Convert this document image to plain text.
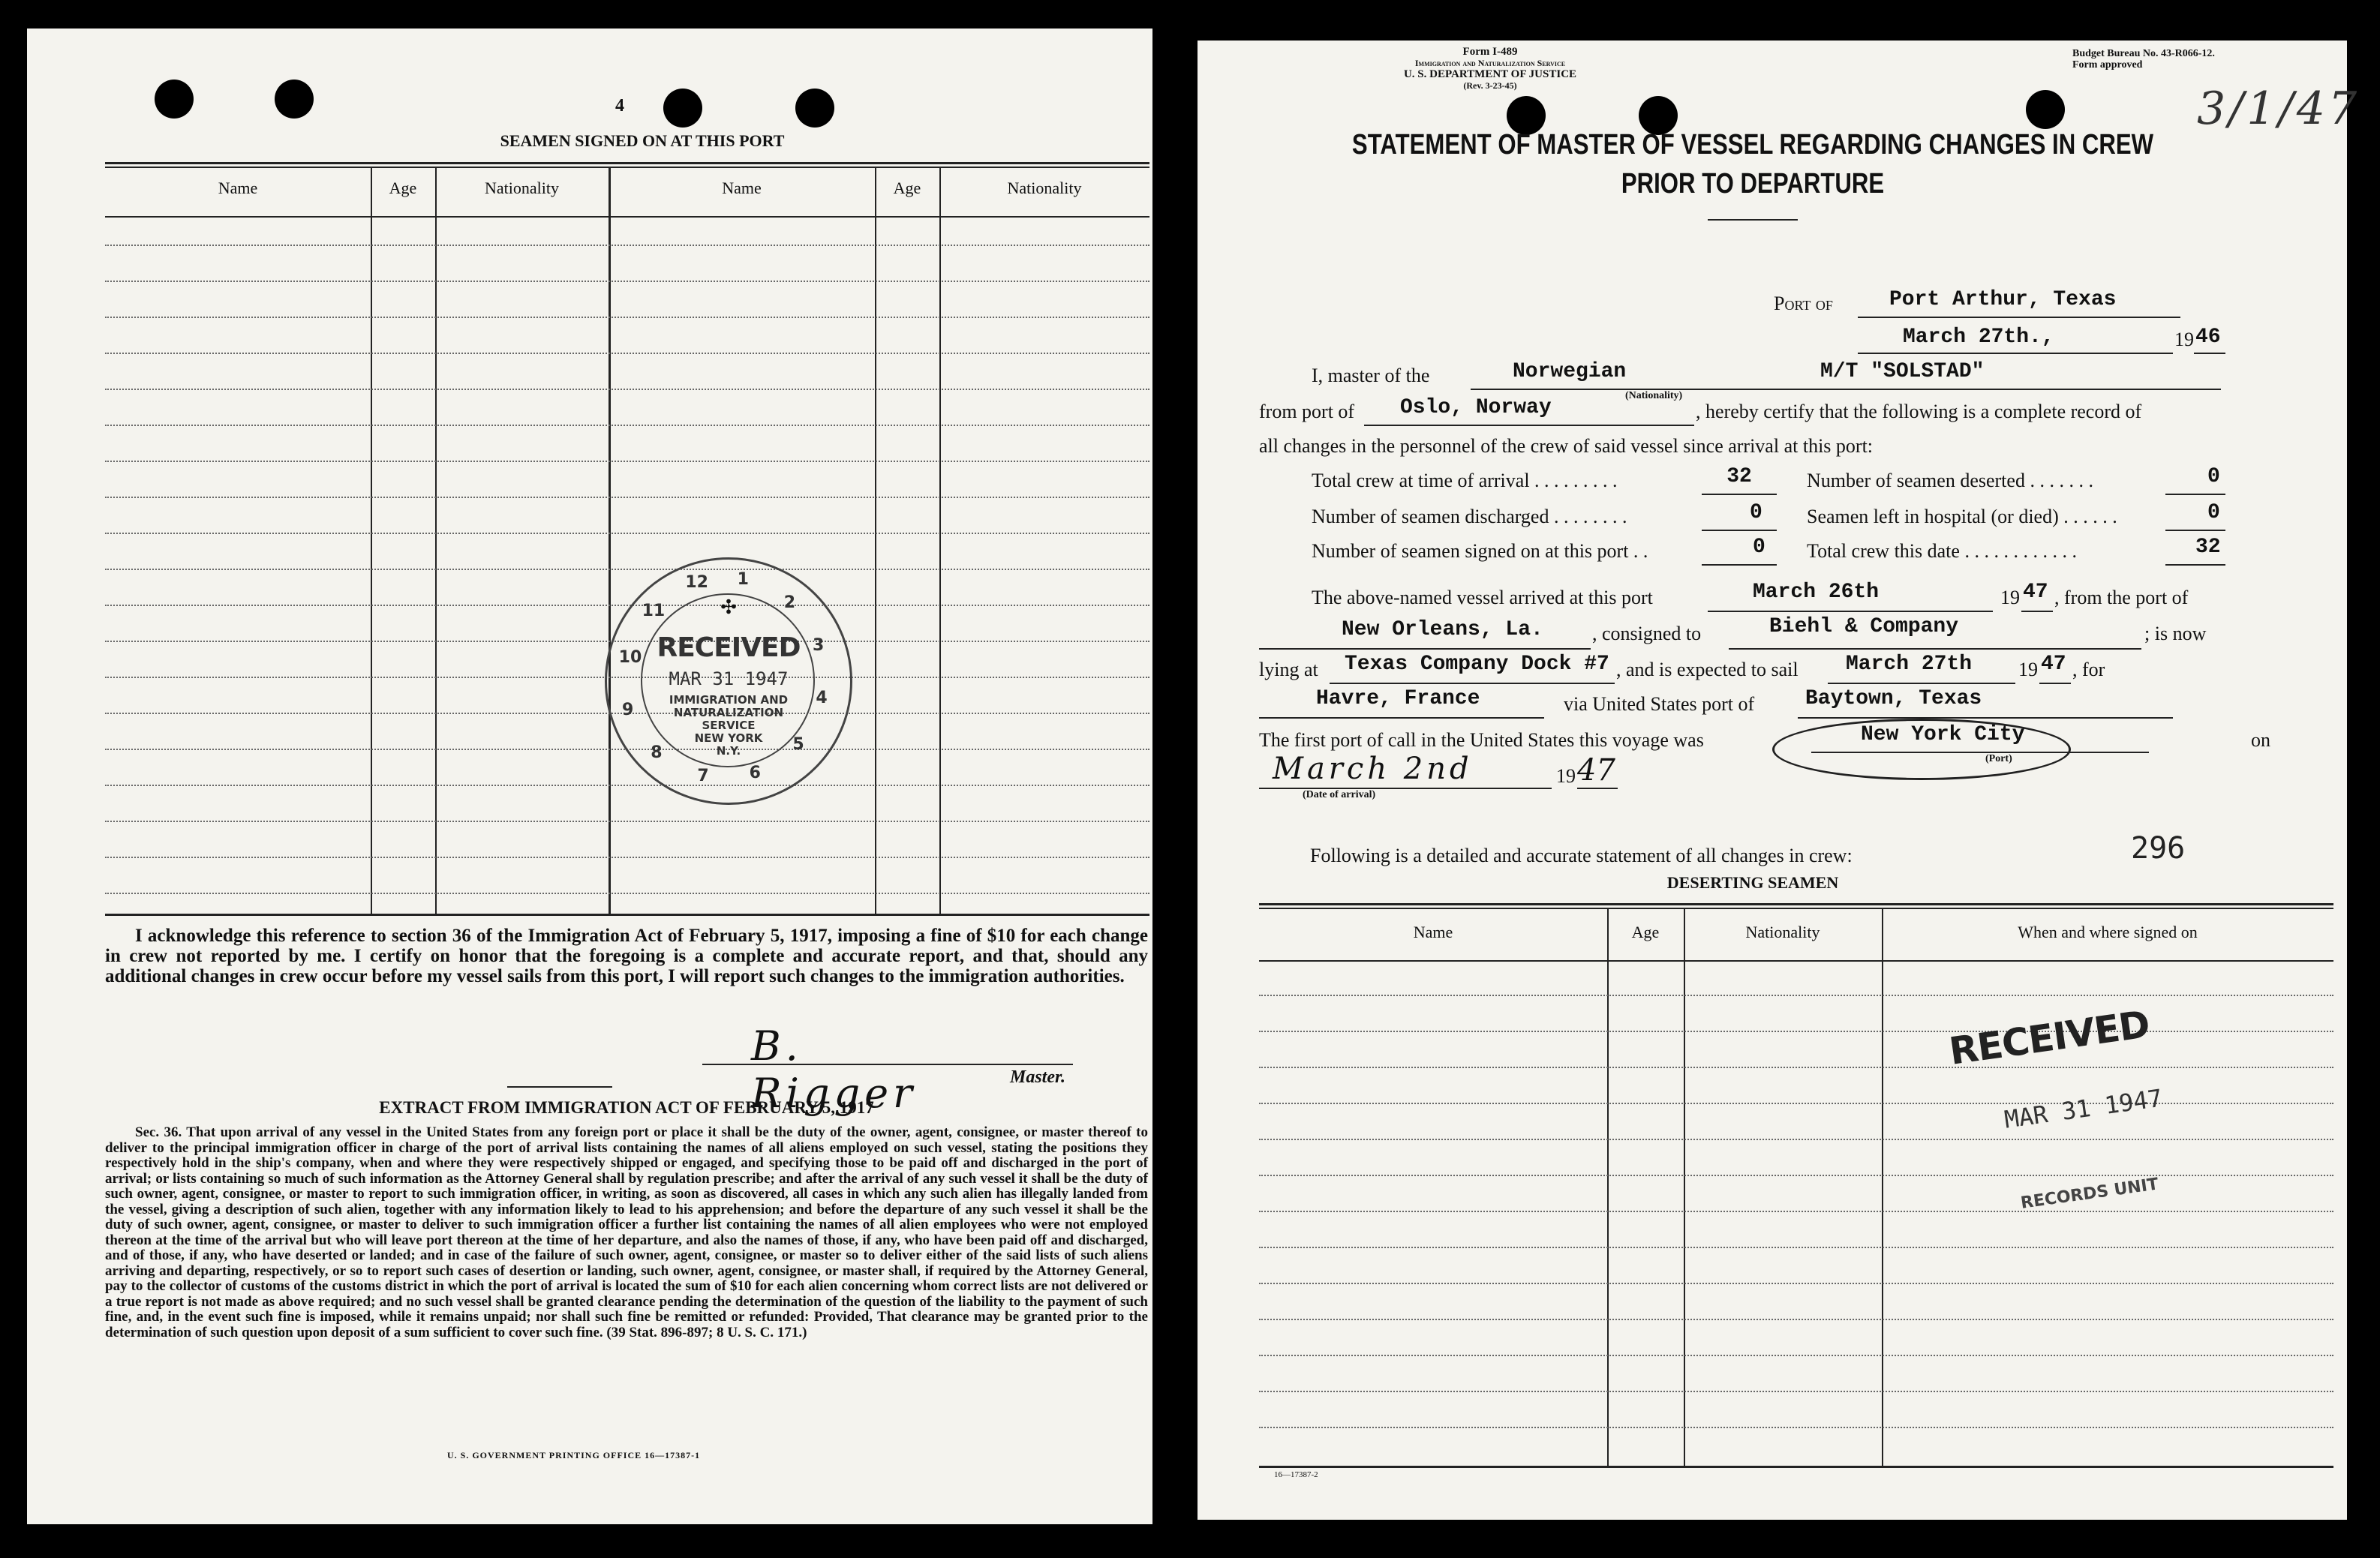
4
SEAMEN SIGNED ON AT THIS PORT
Name	Age	Nationality	Name	Age	Nationality
1
2
3
4
5
6
7
8
9
10
11
12
✣
RECEIVED
MAR 31 1947
IMMIGRATION AND
NATURALIZATION
SERVICE
NEW YORK
N.Y.
I acknowledge this reference to section 36 of the Immigration Act of February 5, 1917, imposing a fine of $10 for each change in crew not reported by me. I certify on honor that the foregoing is a complete and accurate report, and that, should any additional changes in crew occur before my vessel sails from this port, I will report such changes to the immigration authorities.
B. Rigger	Master.
EXTRACT FROM IMMIGRATION ACT OF FEBRUARY 5, 1917
Sec. 36. That upon arrival of any vessel in the United States from any foreign port or place it shall be the duty of the owner, agent, consignee, or master thereof to deliver to the principal immigration officer in charge of the port of arrival lists containing the names of all aliens employed on such vessel, stating the positions they respectively hold in the ship's company, when and where they were respectively shipped or engaged, and specifying those to be paid off and discharged in the port of arrival; or lists containing so much of such information as the Attorney General shall by regulation prescribe; and after the arrival of any such vessel it shall be the duty of such owner, agent, consignee, or master to report to such immigration officer, in writing, as soon as discovered, all cases in which any such alien has illegally landed from the vessel, giving a description of such alien, together with any information likely to lead to his apprehension; and before the departure of any such vessel it shall be the duty of such owner, agent, consignee, or master to deliver to such immigration officer a further list containing the names of all alien employees who were not employed thereon at the time of the arrival but who will leave port thereon at the time of her departure, and also the names of those, if any, who have been paid off and discharged, and of those, if any, who have deserted or landed; and in case of the failure of such owner, agent, consignee, or master so to deliver either of the said lists of such aliens arriving and departing, respectively, or so to report such cases of desertion or landing, such owner, agent, consignee, or master shall, if required by the Attorney General, pay to the collector of customs of the customs district in which the port of arrival is located the sum of $10 for each alien concerning whom correct lists are not delivered or a true report is not made as above required; and no such vessel shall be granted clearance pending the determination of the question of the liability to the payment of such fine, and, in the event such fine is imposed, while it remains unpaid; nor shall such fine be remitted or refunded: Provided, That clearance may be granted prior to the determination of such question upon deposit of a sum sufficient to cover such fine. (39 Stat. 896-897; 8 U. S. C. 171.)
U. S. GOVERNMENT PRINTING OFFICE 16—17387-1
Form I-489
Immigration and Naturalization Service
U. S. DEPARTMENT OF JUSTICE
(Rev. 3-23-45)
Budget Bureau No. 43-R066-12.
Form approved
3/1/47
STATEMENT OF MASTER OF VESSEL REGARDING CHANGES IN CREW
PRIOR TO DEPARTURE
Port of	Port Arthur, Texas
March 27th.,	19 46
I, master of the	Norwegian
(Nationality)
M/T "SOLSTAD"
from port of Oslo, Norway	, hereby certify that the following is a complete record of
all changes in the personnel of the crew of said vessel since arrival at this port:
Total crew at time of arrival . . . . . . . . .	32	Number of seamen deserted . . . . . . .	0
Number of seamen discharged . . . . . . . .	0 Seamen left in hospital (or died) . . . . . .	0
Number of seamen signed on at this port . .	0 Total crew this date . . . . . . . . . . . .	32
The above-named vessel arrived at this port	March 26th	19 47 , from the port of
New Orleans, La.	, consigned to	Biehl & Company	; is now
lying at Texas Company Dock #7 , and is expected to sail March 27th 19 47 , for
Havre, France	via United States port of Baytown, Texas
The first port of call in the United States this voyage was	New York City
(Port)
on
March 2nd
(Date of arrival)
19 47
Following is a detailed and accurate statement of all changes in crew:	296
DESERTING SEAMEN
Name	Age	Nationality	When and where signed on
RECEIVED
MAR 31 1947
RECORDS UNIT
16—17387-2
